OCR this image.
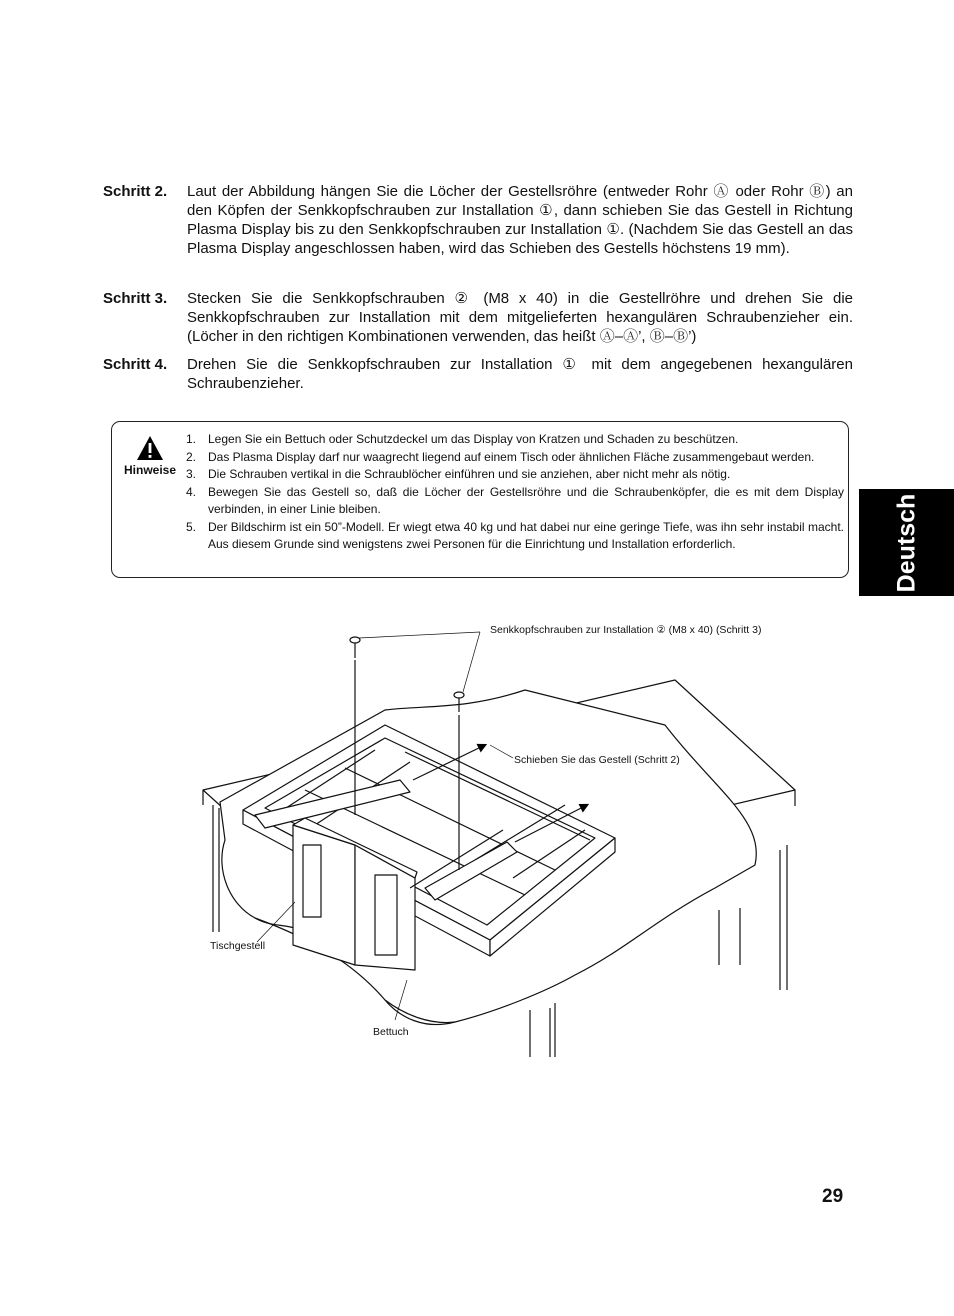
Schritt 2. Laut der Abbildung hängen Sie die Löcher der Gestellsröhre (entweder Rohr Ⓐ oder Rohr Ⓑ) an den Köpfen der Senkkopfschrauben zur Installation ①, dann schieben Sie das Gestell in Richtung Plasma Display bis zu den Senkkopfschrauben zur Installation ①. (Nachdem Sie das Gestell an das Plasma Display angeschlossen haben, wird das Schieben des Gestells höchstens 19 mm).
Schritt 3. Stecken Sie die Senkkopfschrauben ② (M8 x 40) in die Gestellröhre und drehen Sie die Senkkopfschrauben zur Installation mit dem mitgelieferten hexangulären Schraubenzieher ein. (Löcher in den richtigen Kombinationen verwenden, das heißt Ⓐ–Ⓐ’, Ⓑ–Ⓑ’)
Schritt 4. Drehen Sie die Senkkopfschrauben zur Installation ① mit dem angegebenen hexangulären Schraubenzieher.
Hinweise
1. Legen Sie ein Bettuch oder Schutzdeckel um das Display von Kratzen und Schaden zu beschützen.
2. Das Plasma Display darf nur waagrecht liegend auf einem Tisch oder ähnlichen Fläche zusammengebaut werden.
3. Die Schrauben vertikal in die Schraublöcher einführen und sie anziehen, aber nicht mehr als nötig.
4. Bewegen Sie das Gestell so, daß die Löcher der Gestellsröhre und die Schraubenköpfer, die es mit dem Display verbinden, in einer Linie bleiben.
5. Der Bildschirm ist ein 50”-Modell. Er wiegt etwa 40 kg und hat dabei nur eine geringe Tiefe, was ihn sehr instabil macht. Aus diesem Grunde sind wenigstens zwei Personen für die Einrichtung und Installation erforderlich.	Deutsch
Senkkopfschrauben zur Installation ② (M8 x 40) (Schritt 3)
Schieben Sie das Gestell (Schritt 2)
Tischgestell
Bettuch
29
